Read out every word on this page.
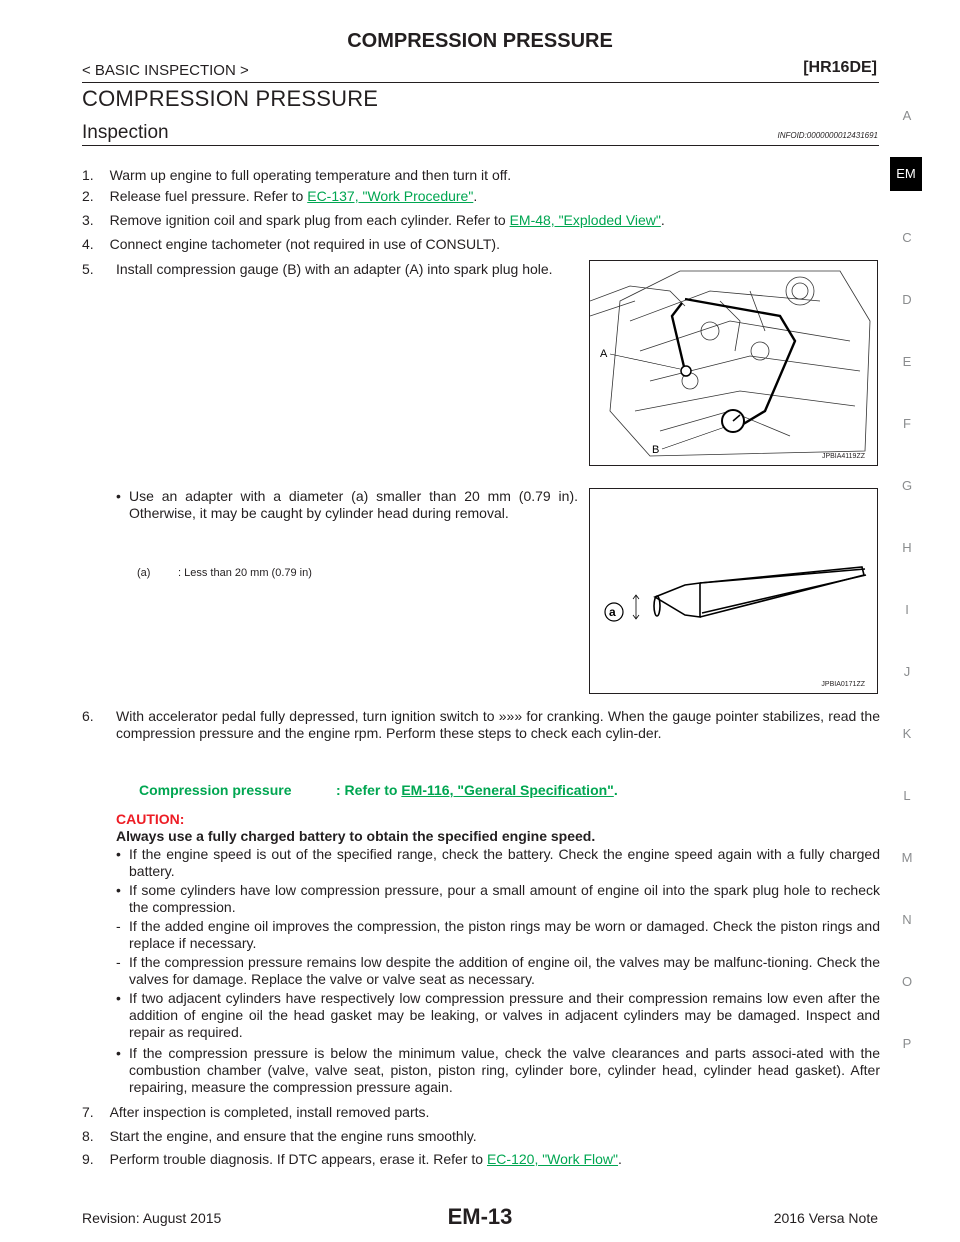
COMPRESSION PRESSURE
< BASIC INSPECTION >	[HR16DE]
COMPRESSION PRESSURE
Inspection	INFOID:0000000012431691
1. Warm up engine to full operating temperature and then turn it off.
2. Release fuel pressure. Refer to EC-137, "Work Procedure".
3. Remove ignition coil and spark plug from each cylinder. Refer to EM-48, "Exploded View".
4. Connect engine tachometer (not required in use of CONSULT).
5. Install compression gauge (B) with an adapter (A) into spark plug hole.
A
B
JPBIA4119ZZ
• Use an adapter with a diameter (a) smaller than 20 mm (0.79 in). Otherwise, it may be caught by cylinder head during removal.
(a)	: Less than 20 mm (0.79 in)
a
JPBIA0171ZZ
6. With accelerator pedal fully depressed, turn ignition switch to »»» for cranking. When the gauge pointer stabilizes, read the compression pressure and the engine rpm. Perform these steps to check each cylin-der.
Compression pressure	: Refer to EM-116, "General Specification".
CAUTION:
Always use a fully charged battery to obtain the specified engine speed.
• If the engine speed is out of the specified range, check the battery. Check the engine speed again with a fully charged battery.
• If some cylinders have low compression pressure, pour a small amount of engine oil into the spark plug hole to recheck the compression.
- If the added engine oil improves the compression, the piston rings may be worn or damaged. Check the piston rings and replace if necessary.
- If the compression pressure remains low despite the addition of engine oil, the valves may be malfunc-tioning. Check the valves for damage. Replace the valve or valve seat as necessary.
• If two adjacent cylinders have respectively low compression pressure and their compression remains low even after the addition of engine oil the head gasket may be leaking, or valves in adjacent cylinders may be damaged. Inspect and repair as required.
• If the compression pressure is below the minimum value, check the valve clearances and parts associ-ated with the combustion chamber (valve, valve seat, piston, piston ring, cylinder bore, cylinder head, cylinder head gasket). After repairing, measure the compression pressure again.
7. After inspection is completed, install removed parts.
8. Start the engine, and ensure that the engine runs smoothly.
9. Perform trouble diagnosis. If DTC appears, erase it. Refer to EC-120, "Work Flow".
A
EM
C
D
E
F
G
H
I
J
K
L
M
N
O
P
Revision: August 2015	EM-13	2016 Versa Note
